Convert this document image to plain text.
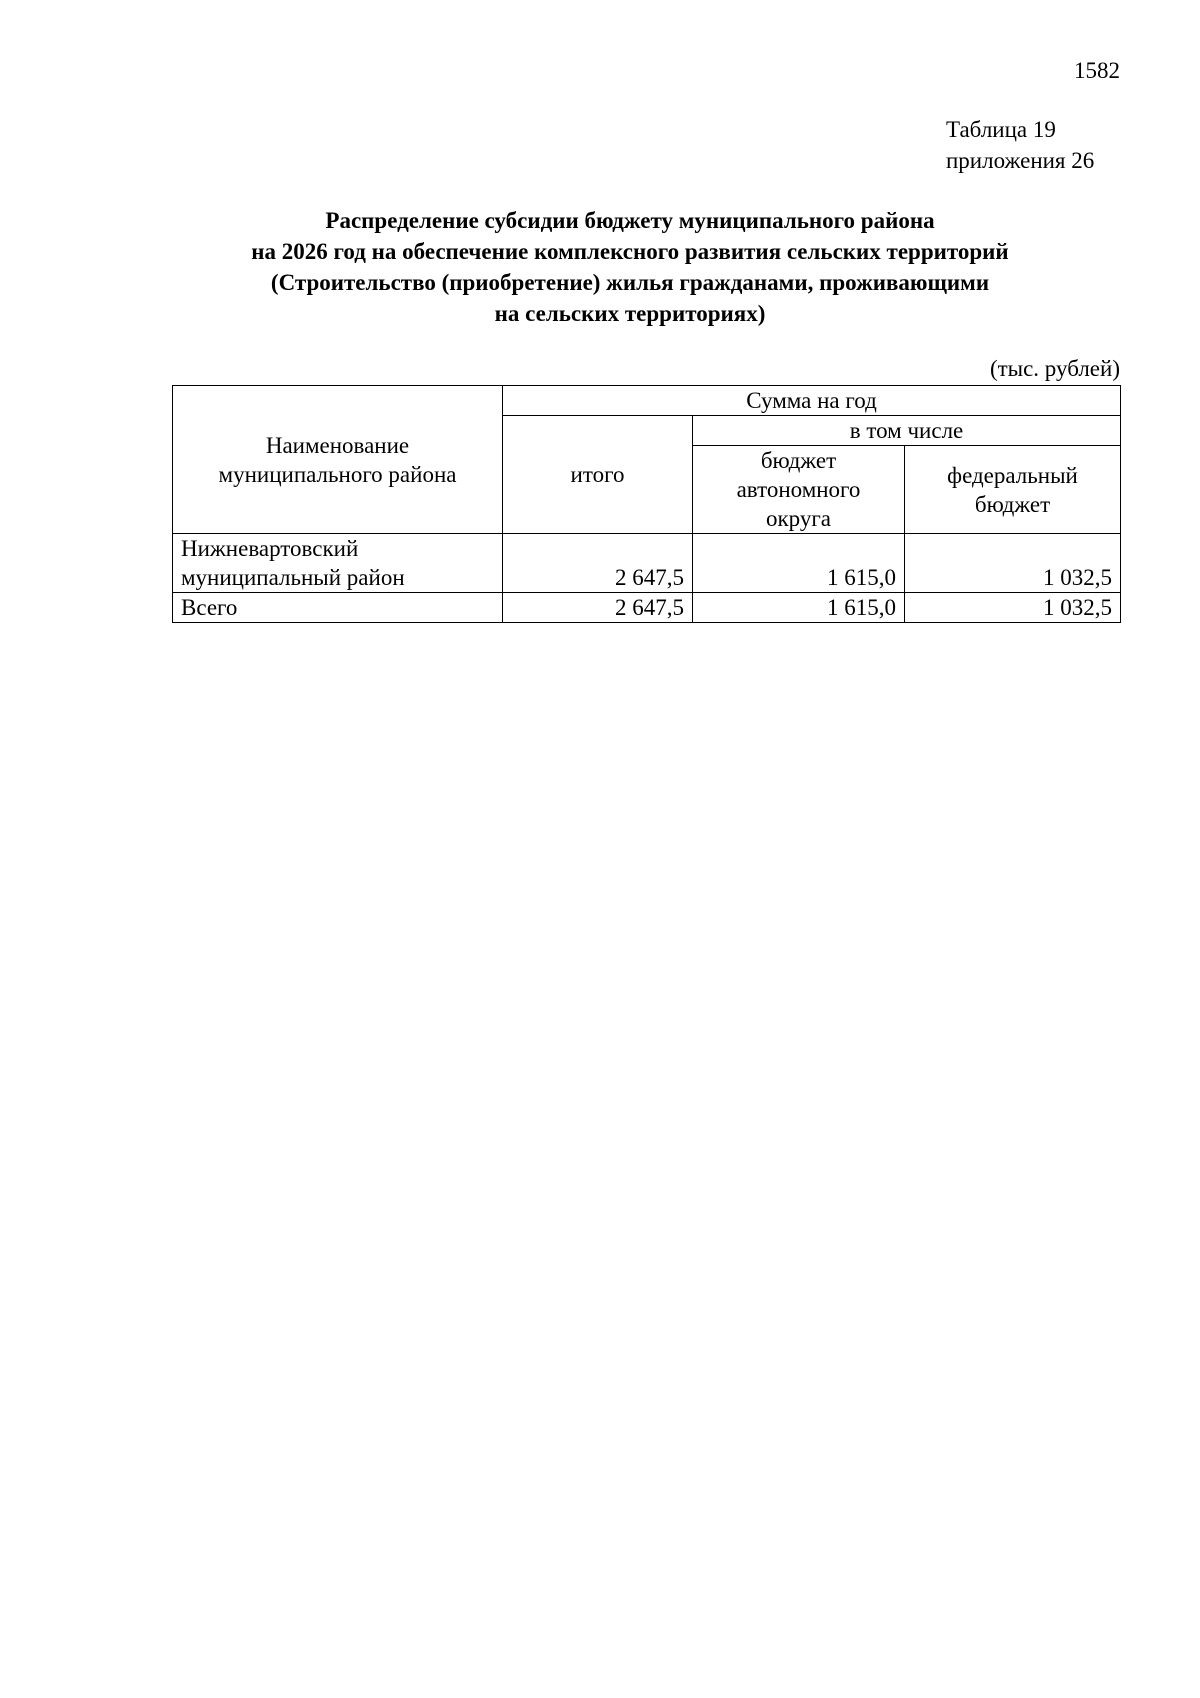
1582
Таблица 19
приложения 26
Распределение субсидии бюджету муниципального района
на 2026 год на обеспечение комплексного развития сельских территорий
(Строительство (приобретение) жилья гражданами, проживающими
на сельских территориях)
(тыс. рублей)
Наименование муниципального района	Сумма на год		
	итого	в том числе	
		бюджет автономного округа	федеральный бюджет

Нижневартовский
муниципальный район	2 647,5	1 615,0	1 032,5
Всего	2 647,5	1 615,0	1 032,5
